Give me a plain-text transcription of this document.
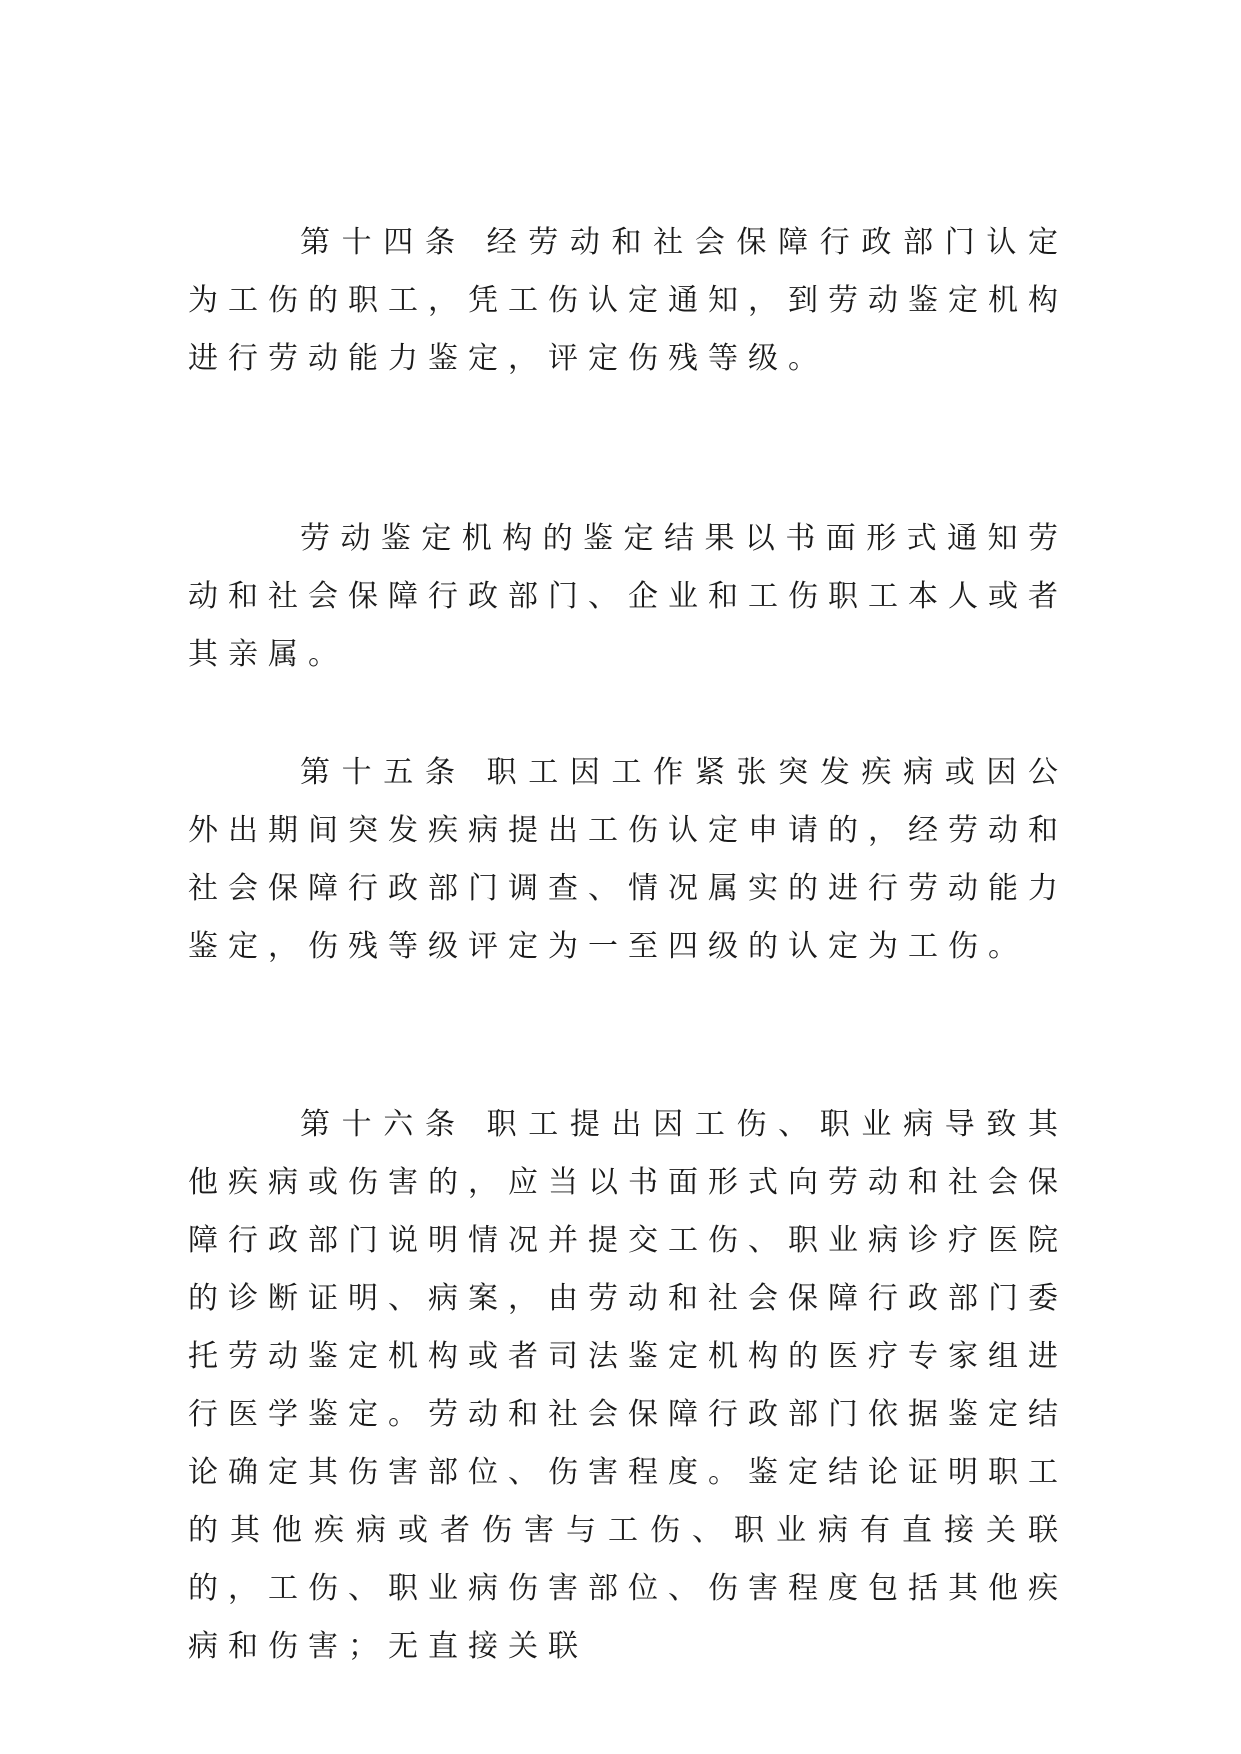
第十四条 经劳动和社会保障行政部门认定为工伤的职工，凭工伤认定通知，到劳动鉴定机构进行劳动能力鉴定，评定伤残等级。

劳动鉴定机构的鉴定结果以书面形式通知劳动和社会保障行政部门、企业和工伤职工本人或者其亲属。

第十五条 职工因工作紧张突发疾病或因公外出期间突发疾病提出工伤认定申请的，经劳动和社会保障行政部门调查、情况属实的进行劳动能力鉴定，伤残等级评定为一至四级的认定为工伤。

第十六条 职工提出因工伤、职业病导致其他疾病或伤害的，应当以书面形式向劳动和社会保障行政部门说明情况并提交工伤、职业病诊疗医院的诊断证明、病案，由劳动和社会保障行政部门委托劳动鉴定机构或者司法鉴定机构的医疗专家组进行医学鉴定。劳动和社会保障行政部门依据鉴定结论确定其伤害部位、伤害程度。鉴定结论证明职工的其他疾病或者伤害与工伤、职业病有直接关联的，工伤、职业病伤害部位、伤害程度包括其他疾病和伤害；无直接关联
